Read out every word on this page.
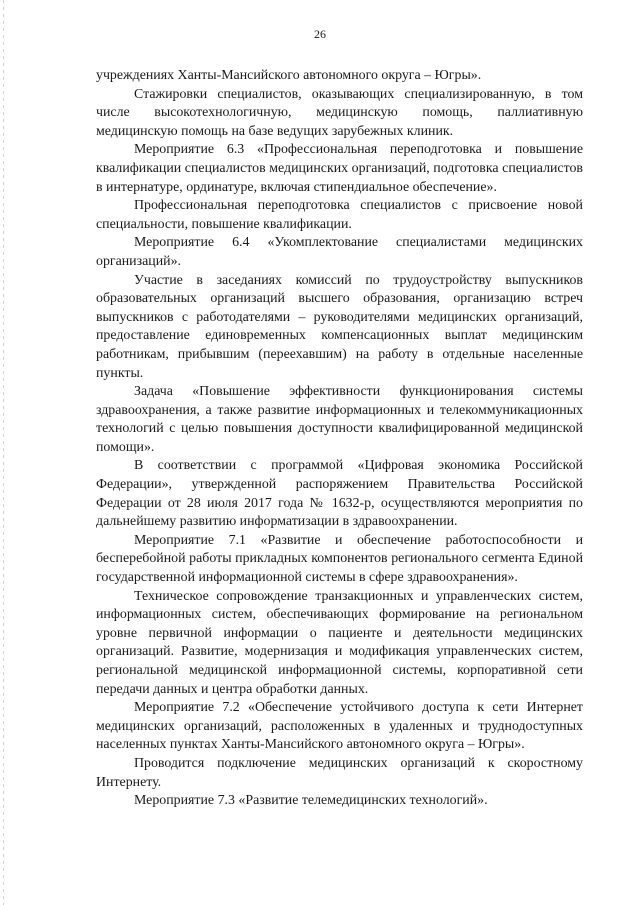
26

учреждениях Ханты-Мансийского автономного округа – Югры».

Стажировки специалистов, оказывающих специализированную, в том числе высокотехнологичную, медицинскую помощь, паллиативную медицинскую помощь на базе ведущих зарубежных клиник.

Мероприятие 6.3 «Профессиональная переподготовка и повышение квалификации специалистов медицинских организаций, подготовка специалистов в интернатуре, ординатуре, включая стипендиальное обеспечение».

Профессиональная переподготовка специалистов с присвоение новой специальности, повышение квалификации.

Мероприятие 6.4 «Укомплектование специалистами медицинских организаций».

Участие в заседаниях комиссий по трудоустройству выпускников образовательных организаций высшего образования, организацию встреч выпускников с работодателями – руководителями медицинских организаций, предоставление единовременных компенсационных выплат медицинским работникам, прибывшим (переехавшим) на работу в отдельные населенные пункты.

Задача «Повышение эффективности функционирования системы здравоохранения, а также развитие информационных и телекоммуникационных технологий с целью повышения доступности квалифицированной медицинской помощи».

В соответствии с программой «Цифровая экономика Российской Федерации», утвержденной распоряжением Правительства Российской Федерации от 28 июля 2017 года № 1632-р, осуществляются мероприятия по дальнейшему развитию информатизации в здравоохранении.

Мероприятие 7.1 «Развитие и обеспечение работоспособности и бесперебойной работы прикладных компонентов регионального сегмента Единой государственной информационной системы в сфере здравоохранения».

Техническое сопровождение транзакционных и управленческих систем, информационных систем, обеспечивающих формирование на региональном уровне первичной информации о пациенте и деятельности медицинских организаций. Развитие, модернизация и модификация управленческих систем, региональной медицинской информационной системы, корпоративной сети передачи данных и центра обработки данных.

Мероприятие 7.2 «Обеспечение устойчивого доступа к сети Интернет медицинских организаций, расположенных в удаленных и труднодоступных населенных пунктах Ханты-Мансийского автономного округа – Югры».

Проводится подключение медицинских организаций к скоростному Интернету.

Мероприятие 7.3 «Развитие телемедицинских технологий».
